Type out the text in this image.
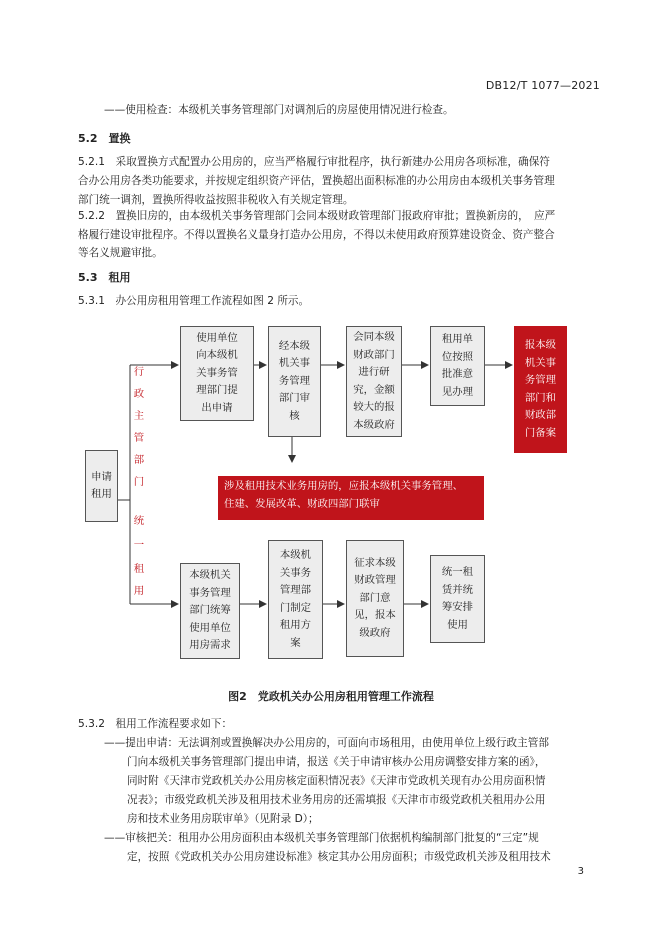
DB12/T 1077—2021
——使用检查：本级机关事务管理部门对调剂后的房屋使用情况进行检查。
5.2　置换
5.2.1　采取置换方式配置办公用房的，应当严格履行审批程序，执行新建办公用房各项标准，确保符
合办公用房各类功能要求，并按规定组织资产评估，置换超出面积标准的办公用房由本级机关事务管理
部门统一调剂，置换所得收益按照非税收入有关规定管理。
5.2.2　置换旧房的，由本级机关事务管理部门会同本级财政管理部门报政府审批；置换新房的，　应严
格履行建设审批程序。不得以置换名义量身打造办公用房，不得以未使用政府预算建设资金、资产整合
等名义规避审批。
5.3　租用
5.3.1　办公用房租用管理工作流程如图 2 所示。
申请
租用
行
政
主
管
部
门
统
一
租
用
使用单位
向本级机
关事务管
理部门提
出申请
经本级
机关事
务管理
部门审
核
会同本级
财政部门
进行研
究，金额
较大的报
本级政府
租用单
位按照
批准意
见办理
报本级
机关事
务管理
部门和
财政部
门备案
涉及租用技术业务用房的，应报本级机关事务管理、
住建、发展改革、财政四部门联审
本级机关
事务管理
部门统筹
使用单位
用房需求
本级机
关事务
管理部
门制定
租用方
案
征求本级
财政管理
部门意
见，报本
级政府
统一租
赁并统
筹安排
使用
图2　党政机关办公用房租用管理工作流程
5.3.2　租用工作流程要求如下：
——提出申请：无法调剂或置换解决办公用房的，可面向市场租用，由使用单位上级行政主管部
门向本级机关事务管理部门提出申请，报送《关于申请审核办公用房调整安排方案的函》，
同时附《天津市党政机关办公用房核定面积情况表》《天津市党政机关现有办公用房面积情
况表》；市级党政机关涉及租用技术业务用房的还需填报《天津市市级党政机关租用办公用
房和技术业务用房联审单》（见附录 D）；
——审核把关：租用办公用房面积由本级机关事务管理部门依据机构编制部门批复的“三定”规
定，按照《党政机关办公用房建设标准》核定其办公用房面积；市级党政机关涉及租用技术
3
